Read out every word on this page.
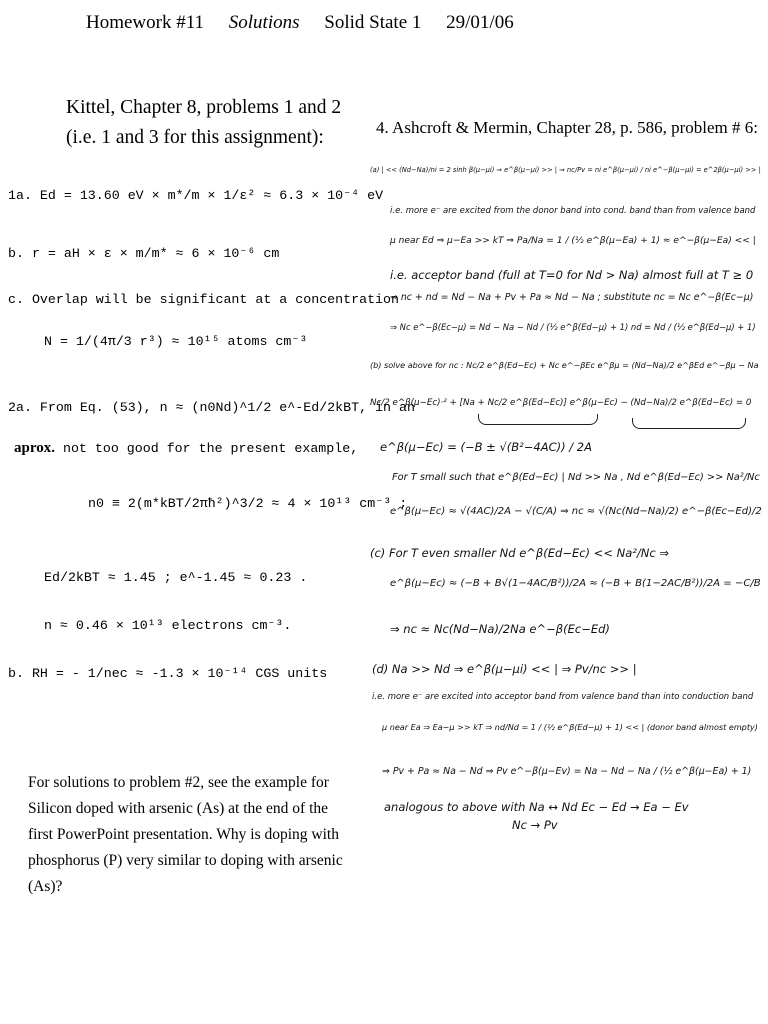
Homework #11 Solutions Solid State 1 29/01/06
Kittel, Chapter 8, problems 1 and 2 (i.e. 1 and 3 for this assignment):
1a. Ed = 13.60 eV × m*/m × 1/ε² ≈ 6.3 × 10⁻⁴ eV
b. r = aH × ε × m/m* ≈ 6 × 10⁻⁶ cm
c. Overlap will be significant at a concentration
N = 1/(4π/3 r³) ≈ 10¹⁵ atoms cm⁻³
2a. From Eq. (53), n ≈ (n0Nd)^1/2 e^-Ed/2kBT, in an
aprox. not too good for the present example,
n0 ≡ 2(m*kBT/2πħ²)^3/2 ≈ 4 × 10¹³ cm⁻³ ;
Ed/2kBT ≈ 1.45 ; e^-1.45 ≈ 0.23 .
n ≈ 0.46 × 10¹³ electrons cm⁻³.
b. RH = - 1/nec ≈ -1.3 × 10⁻¹⁴ CGS units
For solutions to problem #2, see the example for Silicon doped with arsenic (As) at the end of the first PowerPoint presentation. Why is doping with phosphorus (P) very similar to doping with arsenic (As)?
4. Ashcroft & Mermin, Chapter 28, p. 586, problem # 6:
(a) | << (Nd−Na)/ni = 2 sinh β(μ−μi) ⇒ e^β(μ−μi) >> | ⇒ nc/Pv = ni e^β(μ−μi) / ni e^−β(μ−μi) = e^2β(μ−μi) >> |
i.e. more e⁻ are excited from the donor band into cond. band than from valence band
μ near Ed ⇒ μ−Ea >> kT ⇒ Pa/Na = 1 / (½ e^β(μ−Ea) + 1) ≈ e^−β(μ−Ea) << |
i.e. acceptor band (full at T=0 for Nd > Na) almost full at T ≥ 0
⇒ nc + nd = Nd − Na + Pv + Pa ≈ Nd − Na ; substitute nc = Nc e^−β(Ec−μ)
⇒ Nc e^−β(Ec−μ) = Nd − Na − Nd / (½ e^β(Ed−μ) + 1) nd = Nd / (½ e^β(Ed−μ) + 1)
(b) solve above for nc : Nc/2 e^β(Ed−Ec) + Nc e^−βEc e^βμ = (Nd−Na)/2 e^βEd e^−βμ − Na
Nc/2 e^β(μ−Ec)·² + [Na + Nc/2 e^β(Ed−Ec)] e^β(μ−Ec) − (Nd−Na)/2 e^β(Ed−Ec) = 0
e^β(μ−Ec) = (−B ± √(B²−4AC)) / 2A
For T small such that e^β(Ed−Ec) | Nd >> Na , Nd e^β(Ed−Ec) >> Na²/Nc
e^β(μ−Ec) ≈ √(4AC)/2A − √(C/A) ⇒ nc ≈ √(Nc(Nd−Na)/2) e^−β(Ec−Ed)/2
(c) For T even smaller Nd e^β(Ed−Ec) << Na²/Nc ⇒
e^β(μ−Ec) ≈ (−B + B√(1−4AC/B²))/2A ≈ (−B + B(1−2AC/B²))/2A = −C/B
⇒ nc ≈ Nc(Nd−Na)/2Na e^−β(Ec−Ed)
(d) Na >> Nd ⇒ e^β(μ−μi) << | ⇒ Pv/nc >> |
i.e. more e⁻ are excited into acceptor band from valence band than into conduction band
μ near Ea ⇒ Ea−μ >> kT ⇒ nd/Nd = 1 / (½ e^β(Ed−μ) + 1) << | (donor band almost empty)
⇒ Pv + Pa ≈ Na − Nd ⇒ Pv e^−β(μ−Ev) = Na − Nd − Na / (½ e^β(μ−Ea) + 1)
analogous to above with Na ↔ Nd Ec − Ed → Ea − Ev
Nc → Pv
